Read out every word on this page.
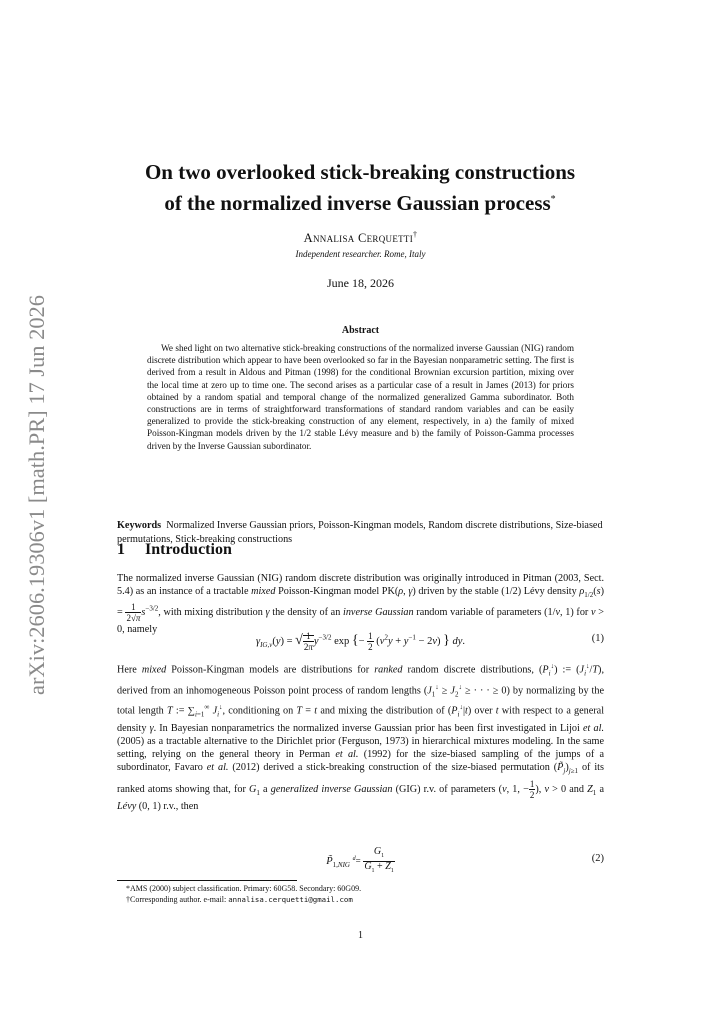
arXiv:2606.19306v1 [math.PR] 17 Jun 2026
On two overlooked stick-breaking constructions
of the normalized inverse Gaussian process*
Annalisa Cerquetti†
Independent researcher. Rome, Italy
June 18, 2026
Abstract
We shed light on two alternative stick-breaking constructions of the normalized inverse Gaussian (NIG) random discrete distribution which appear to have been overlooked so far in the Bayesian nonparametric setting. The first is derived from a result in Aldous and Pitman (1998) for the conditional Brownian excursion partition, mixing over the local time at zero up to time one. The second arises as a particular case of a result in James (2013) for priors obtained by a random spatial and temporal change of the normalized generalized Gamma subordinator. Both constructions are in terms of straightforward transformations of standard random variables and can be easily generalized to provide the stick-breaking construction of any element, respectively, in a) the family of mixed Poisson-Kingman models driven by the 1/2 stable Lévy measure and b) the family of Poisson-Gamma processes driven by the Inverse Gaussian subordinator.
Keywords Normalized Inverse Gaussian priors, Poisson-Kingman models, Random discrete distributions, Size-biased permutations, Stick-breaking constructions
1 Introduction
The normalized inverse Gaussian (NIG) random discrete distribution was originally introduced in Pitman (2003, Sect. 5.4) as an instance of a tractable mixed Poisson-Kingman model PK(ρ, γ) driven by the stable (1/2) Lévy density $\rho_{1/2}(s) = \frac{1}{2√\pi} s^{-3/2}$, with mixing distribution γ the density of an inverse Gaussian random variable of parameters (1/v, 1) for v > 0, namely
$\gamma_{IG,v}(y)$ = √ $\frac{1}{2\pi} y^{-3/2}$ exp {− $\frac{1}{2} (v^2y + y^{-1} - 2v)$ } dy.	(1)
Here mixed Poisson-Kingman models are distributions for ranked random discrete distributions, $(P_i^↓)$ := $(J_i^↓/T)$, derived from an inhomogeneous Poisson point process of random lengths ($J_1^↓ \ge J_2^↓$ ≥ · · · ≥ 0) by normalizing by the total length T := $\sum_{i=1}^\infty$ $J_i^↓$, conditioning on T = t and mixing the distribution of $(P_i^↓|t)$ over t with respect to a general density γ. In Bayesian nonparametrics the normalized inverse Gaussian prior has been first investigated in Lijoi et al. (2005) as a tractable alternative to the Dirichlet prior (Ferguson, 1973) in hierarchical mixtures modeling. In the same setting, relying on the general theory in Perman et al. (1992) for the size-biased sampling of the jumps of a subordinator, Favaro et al. (2012) derived a stick-breaking construction of the size-biased permutation $(P̃_j)_{j\ge 1}$ of its ranked atoms showing that, for $G_1$ a generalized inverse Gaussian (GIG) r.v. of parameters (v, 1, − $\frac{1}{2}$ ), v > 0 and $Z_1$ a Lévy (0, 1) r.v., then
$P̃_{1,NIG}$ $^d= \frac{G_1}{G_1 + Z_1}$	(2)
*AMS (2000) subject classification. Primary: 60G58. Secondary: 60G09.
†Corresponding author. e-mail: annalisa.cerquetti@gmail.com
1
